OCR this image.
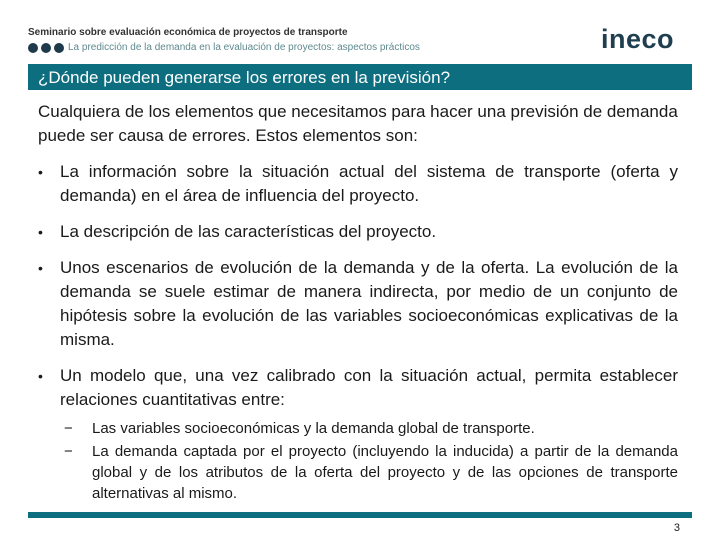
Seminario sobre evaluación económica de proyectos de transporte
La predicción de la demanda en la evaluación de proyectos: aspectos prácticos	ineco
¿Dónde pueden generarse los errores en la previsión?

Cualquiera de los elementos que necesitamos para hacer una previsión de demanda puede ser causa de errores. Estos elementos son:

•	La información sobre la situación actual del sistema de transporte (oferta y demanda) en el área de influencia del proyecto.
•	La descripción de las características del proyecto.
•	Unos escenarios de evolución de la demanda y de la oferta. La evolución de la demanda se suele estimar de manera indirecta, por medio de un conjunto de hipótesis sobre la evolución de las variables socioeconómicas explicativas de la misma.
•	Un modelo que, una vez calibrado con la situación actual, permita establecer relaciones cuantitativas entre:
−	Las variables socioeconómicas y la demanda global de transporte.
−	La demanda captada por el proyecto (incluyendo la inducida) a partir de la demanda global y de los atributos de la oferta del proyecto y de las opciones de transporte alternativas al mismo.
3
